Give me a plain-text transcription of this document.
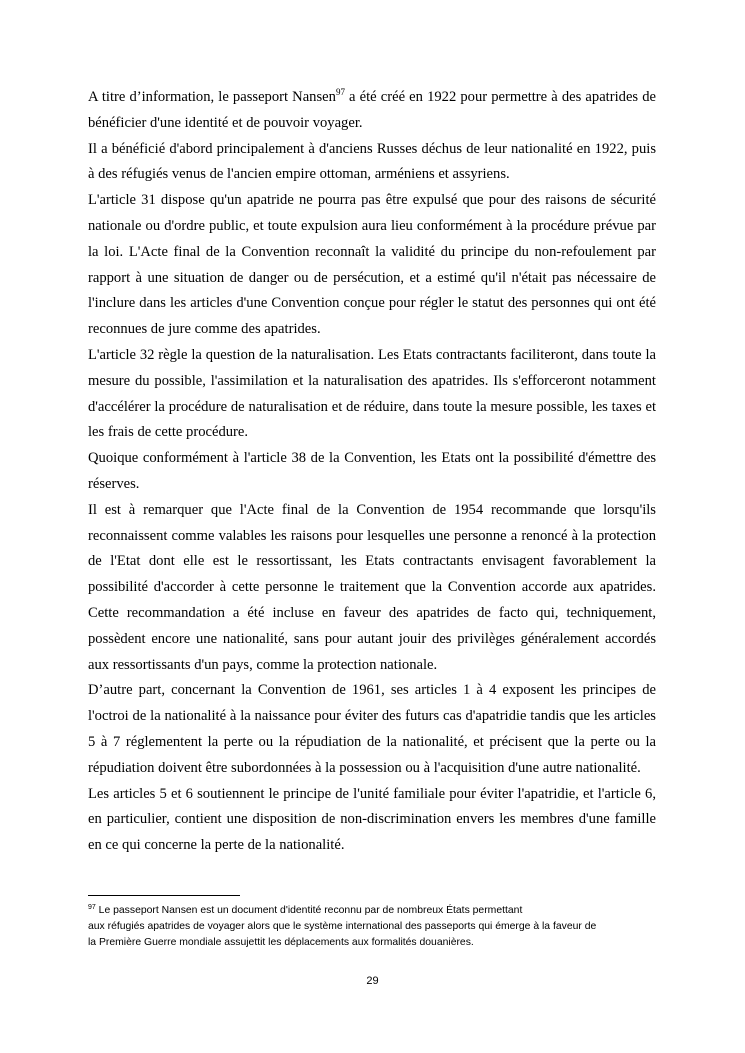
A titre d’information, le passeport Nansen$^{97}$ a été créé en 1922 pour permettre à des apatrides de bénéficier d'une identité et de pouvoir voyager.

Il a bénéficié d'abord principalement à d'anciens Russes déchus de leur nationalité en 1922, puis à des réfugiés venus de l'ancien empire ottoman, arméniens et assyriens.

L'article 31 dispose qu'un apatride ne pourra pas être expulsé que pour des raisons de sécurité nationale ou d'ordre public, et toute expulsion aura lieu conformément à la procédure prévue par la loi. L'Acte final de la Convention reconnaît la validité du principe du non-refoulement par rapport à une situation de danger ou de persécution, et a estimé qu'il n'était pas nécessaire de l'inclure dans les articles d'une Convention conçue pour régler le statut des personnes qui ont été reconnues de jure comme des apatrides.

L'article 32 règle la question de la naturalisation. Les Etats contractants faciliteront, dans toute la mesure du possible, l'assimilation et la naturalisation des apatrides. Ils s'efforceront notamment d'accélérer la procédure de naturalisation et de réduire, dans toute la mesure possible, les taxes et les frais de cette procédure.

Quoique conformément à l'article 38 de la Convention, les Etats ont la possibilité d'émettre des réserves.

Il est à remarquer que l'Acte final de la Convention de 1954 recommande que lorsqu'ils reconnaissent comme valables les raisons pour lesquelles une personne a renoncé à la protection de l'Etat dont elle est le ressortissant, les Etats contractants envisagent favorablement la possibilité d'accorder à cette personne le traitement que la Convention accorde aux apatrides. Cette recommandation a été incluse en faveur des apatrides de facto qui, techniquement, possèdent encore une nationalité, sans pour autant jouir des privilèges généralement accordés aux ressortissants d'un pays, comme la protection nationale.

D’autre part, concernant la Convention de 1961, ses articles 1 à 4 exposent les principes de l'octroi de la nationalité à la naissance pour éviter des futurs cas d'apatridie tandis que les articles 5 à 7 réglementent la perte ou la répudiation de la nationalité, et précisent que la perte ou la répudiation doivent être subordonnées à la possession ou à l'acquisition d'une autre nationalité.

Les articles 5 et 6 soutiennent le principe de l'unité familiale pour éviter l'apatridie, et l'article 6, en particulier, contient une disposition de non-discrimination envers les membres d'une famille en ce qui concerne la perte de la nationalité.

$^{97}$ Le passeport Nansen est un document d'identité reconnu par de nombreux États permettant

aux réfugiés apatrides de voyager alors que le système international des passeports qui émerge à la faveur de

la Première Guerre mondiale assujettit les déplacements aux formalités douanières.

29
